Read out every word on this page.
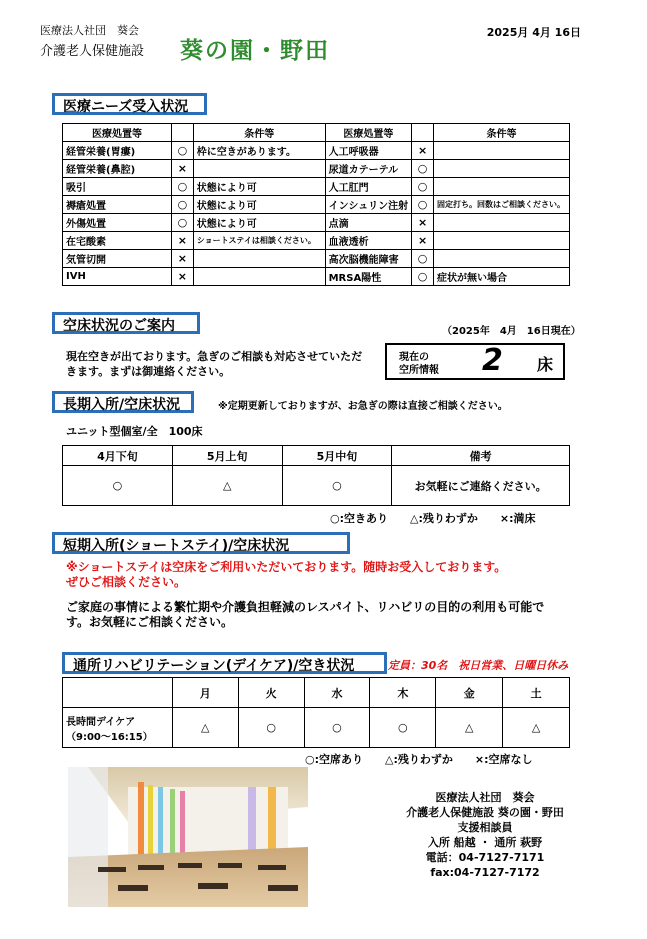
医療法人社団　葵会
介護老人保健施設 葵の園・野田
2025月 4月 16日
医療ニーズ受入状況
医療処置等		条件等	医療処置等		条件等
経管栄養(胃瘻)	○	枠に空きがあります。	人工呼吸器	×	
経管栄養(鼻腔)	×		尿道カテーテル	○	
吸引	○	状態により可	人工肛門	○	
褥瘡処置	○	状態により可	インシュリン注射	○	固定打ち。回数はご相談ください。
外傷処置	○	状態により可	点滴	×	
在宅酸素	×	ショートステイは相談ください。	血液透析	×	
気管切開	×		高次脳機能障害	○	
IVH	×		MRSA陽性	○	症状が無い場合
空床状況のご案内	（2025年　4月　16日現在）
現在空きが出ております。急ぎのご相談も対応させていただきます。まずは御連絡ください。
現在の
空所情報 2 床
長期入所/空床状況	※定期更新しておりますが、お急ぎの際は直接ご相談ください。
ユニット型個室/全　100床
4月下旬	5月上旬	5月中旬	備考
○	△	○	お気軽にご連絡ください。
○:空きあり　　△:残りわずか　　×:満床
短期入所(ショートステイ)/空床状況
※ショートステイは空床をご利用いただいております。随時お受入しております。
ぜひご相談ください。
ご家庭の事情による繁忙期や介護負担軽減のレスパイト、リハビリの目的の利用も可能です。お気軽にご相談ください。
通所リハビリテーション(デイケア)/空き状況	定員：30名　祝日営業、日曜日休み
	月	火	水	木	金	土

長時間デイケア
（9:00～16:15）	△	○	○	○	△	△
○:空席あり　　△:残りわずか　　×:空席なし
医療法人社団　葵会
介護老人保健施設 葵の園・野田
支援相談員
入所 船越 ・ 通所 萩野
電話：04-7127-7171
fax:04-7127-7172
